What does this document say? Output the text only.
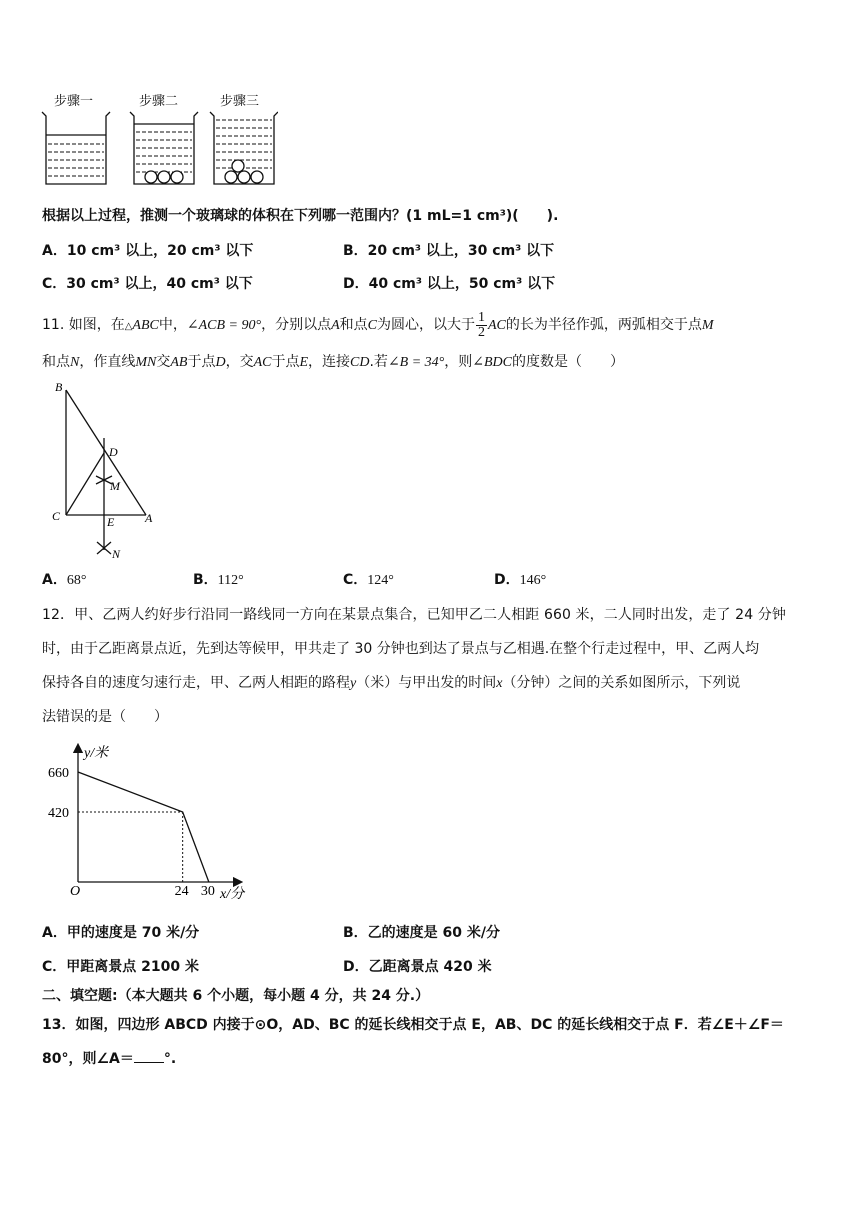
步骤一	步骤二	步骤三
根据以上过程，推测一个玻璃球的体积在下列哪一范围内？(1 mL=1 cm³)(　　).
A．10 cm³ 以上，20 cm³ 以下	B．20 cm³ 以上，30 cm³ 以下
C．30 cm³ 以上，40 cm³ 以下	D．40 cm³ 以上，50 cm³ 以下
11. 如图，在△ABC中，∠ACB = 90°，分别以点A和点C为圆心，以大于 $\frac{1}{2}$ AC的长为半径作弧，两弧相交于点M
和点N，作直线MN交AB于点D，交AC于点E，连接CD.若∠B = 34°，则∠BDC的度数是（　　）
B
D
M
C	E	A
N
A．68°	B．112°	C．124°	D．146°
12．甲、乙两人约好步行沿同一路线同一方向在某景点集合，已知甲乙二人相距 660 米，二人同时出发，走了 24 分钟
时，由于乙距离景点近，先到达等候甲，甲共走了 30 分钟也到达了景点与乙相遇.在整个行走过程中，甲、乙两人均
保持各自的速度匀速行走，甲、乙两人相距的路程y（米）与甲出发的时间x（分钟）之间的关系如图所示，下列说
法错误的是（　　）
y/米
x/分
O
660
420
24 30
A．甲的速度是 70 米/分	B．乙的速度是 60 米/分
C．甲距离景点 2100 米	D．乙距离景点 420 米
二、填空题:（本大题共 6 个小题，每小题 4 分，共 24 分.）
13．如图，四边形 ABCD 内接于⊙O，AD、BC 的延长线相交于点 E，AB、DC 的延长线相交于点 F．若∠E＋∠F＝
80°，则∠A＝ °.
